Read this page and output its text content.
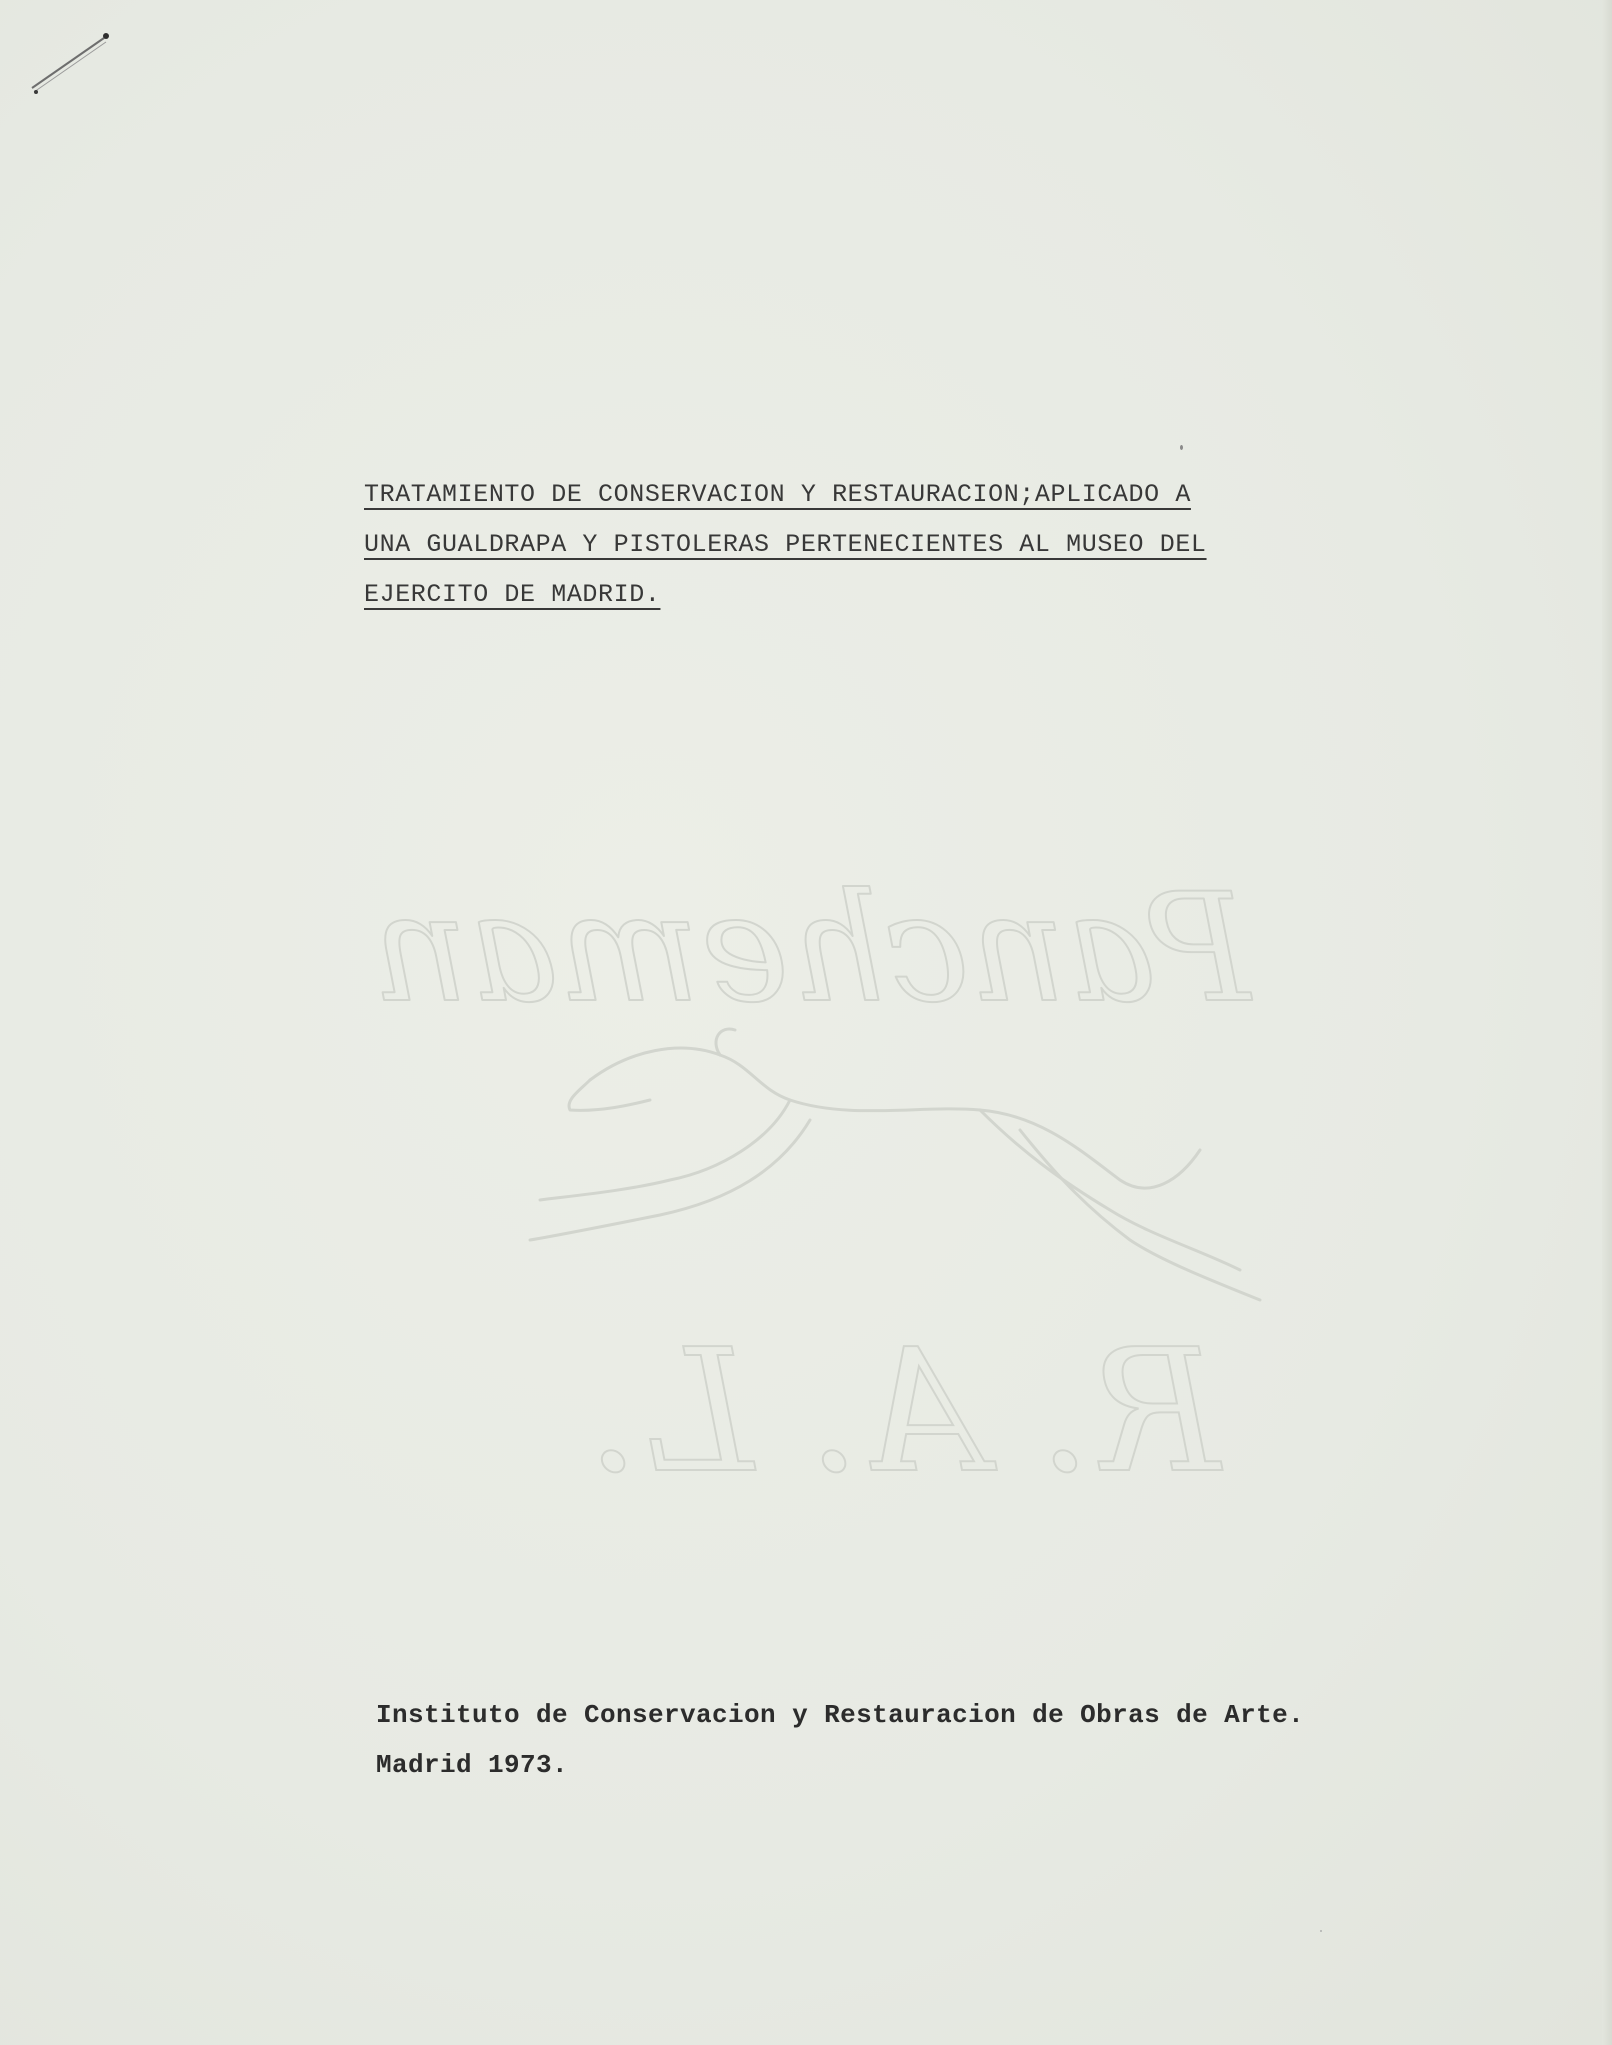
Pancheman
R. A. L.
TRATAMIENTO DE CONSERVACION Y RESTAURACION;APLICADO A
UNA GUALDRAPA Y PISTOLERAS PERTENECIENTES AL MUSEO DEL
EJERCITO DE MADRID.
Instituto de Conservacion y Restauracion de Obras de Arte.
Madrid 1973.
